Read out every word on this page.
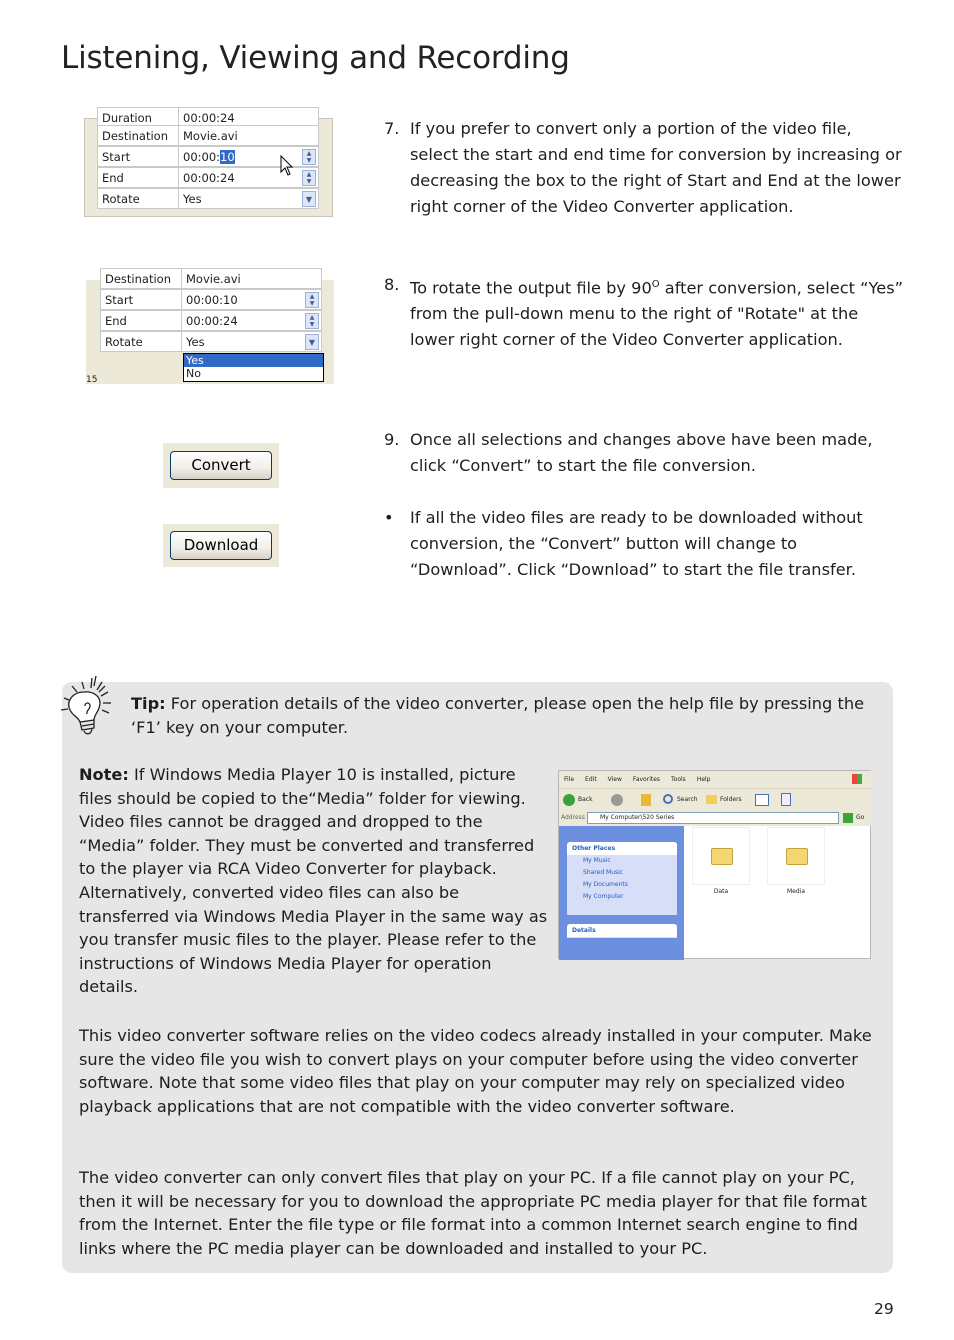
Listening, Viewing and Recording
Duration	00:00:24
Destination	Movie.avi
Start	00:00:10	▲
▼
End	00:00:24	▲
▼
Rotate	Yes	▼
7. If you prefer to convert only a portion of the video file, select the start and end time for conversion by increasing or decreasing the box to the right of Start and End at the lower right corner of the Video Converter application.
Destination	Movie.avi
Start	00:00:10	▲
▼
End	00:00:24	▲
▼
Rotate	Yes	▼
15
Yes
No
8. To rotate the output file by $90^O$ after conversion, select “Yes” from the pull-down menu to the right of "Rotate" at the lower right corner of the Video Converter application.
Convert
Download
9. Once all selections and changes above have been made, click “Convert” to start the file conversion.
• If all the video files are ready to be downloaded without conversion, the “Convert” button will change to “Download”. Click “Download” to start the file transfer.
Tip: For operation details of the video converter, please open the help file by pressing the ‘F1’ key on your computer.
Note: If Windows Media Player 10 is installed, picture files should be copied to the“Media” folder for viewing. Video files cannot be dragged and dropped to the “Media” folder. They must be converted and transferred to the player via RCA Video Converter for playback. Alternatively, converted video files can also be transferred via Windows Media Player in the same way as you transfer music files to the player. Please refer to the instructions of Windows Media Player for operation details.
File Edit View Favorites Tools Help
Back	Search	Folders
Address	My Computer\520 Series	Go
Other Places
My Music
Shared Music
My Documents
My Computer
Details
Data	Media
This video converter software relies on the video codecs already installed in your computer. Make sure the video file you wish to convert plays on your computer before using the video converter software. Note that some video files that play on your computer may rely on specialized video playback applications that are not compatible with the video converter software.
The video converter can only convert files that play on your PC. If a file cannot play on your PC, then it will be necessary for you to download the appropriate PC media player for that file format from the Internet. Enter the file type or file format into a common Internet search engine to find links where the PC media player can be downloaded and installed to your PC.
29
